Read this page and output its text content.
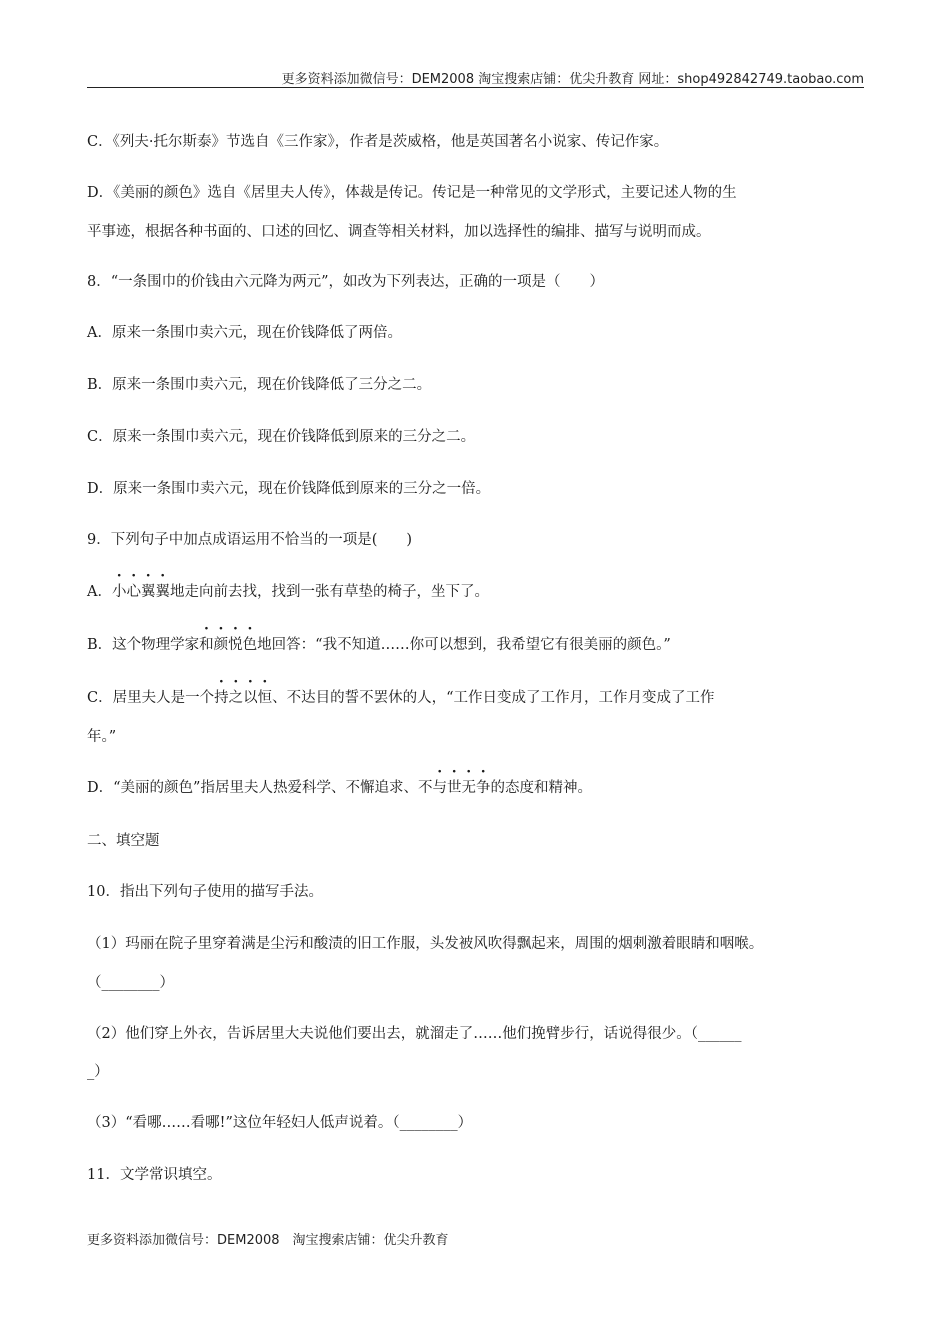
更多资料添加微信号：DEM2008 淘宝搜索店铺：优尖升教育 网址：shop492842749.taobao.com
C．《列夫·托尔斯泰》节选自《三作家》，作者是茨威格，他是英国著名小说家、传记作家。
D．《美丽的颜色》选自《居里夫人传》，体裁是传记。传记是一种常见的文学形式，主要记述人物的生
平事迹，根据各种书面的、口述的回忆、调查等相关材料，加以选择性的编排、描写与说明而成。
8．“一条围巾的价钱由六元降为两元”，如改为下列表达，正确的一项是（　　）
A．原来一条围巾卖六元，现在价钱降低了两倍。
B．原来一条围巾卖六元，现在价钱降低了三分之二。
C．原来一条围巾卖六元，现在价钱降低到原来的三分之二。
D．原来一条围巾卖六元，现在价钱降低到原来的三分之一倍。
9．下列句子中加点成语运用不恰当的一项是(　　)
A．小心翼翼地走向前去找，找到一张有草垫的椅子，坐下了。
B．这个物理学家和颜悦色地回答：“我不知道……你可以想到，我希望它有很美丽的颜色。”
C．居里夫人是一个持之以恒、不达目的誓不罢休的人，“工作日变成了工作月，工作月变成了工作
年。”
D．“美丽的颜色”指居里夫人热爱科学、不懈追求、不与世无争的态度和精神。
二、填空题
10．指出下列句子使用的描写手法。
（1）玛丽在院子里穿着满是尘污和酸渍的旧工作服，头发被风吹得飘起来，周围的烟刺激着眼睛和咽喉。
（________）
（2）他们穿上外衣，告诉居里大夫说他们要出去，就溜走了……他们挽臂步行，话说得很少。（______
_）
（3）“看哪……看哪!”这位年轻妇人低声说着。（________）
11．文学常识填空。
更多资料添加微信号：DEM2008　淘宝搜索店铺：优尖升教育
